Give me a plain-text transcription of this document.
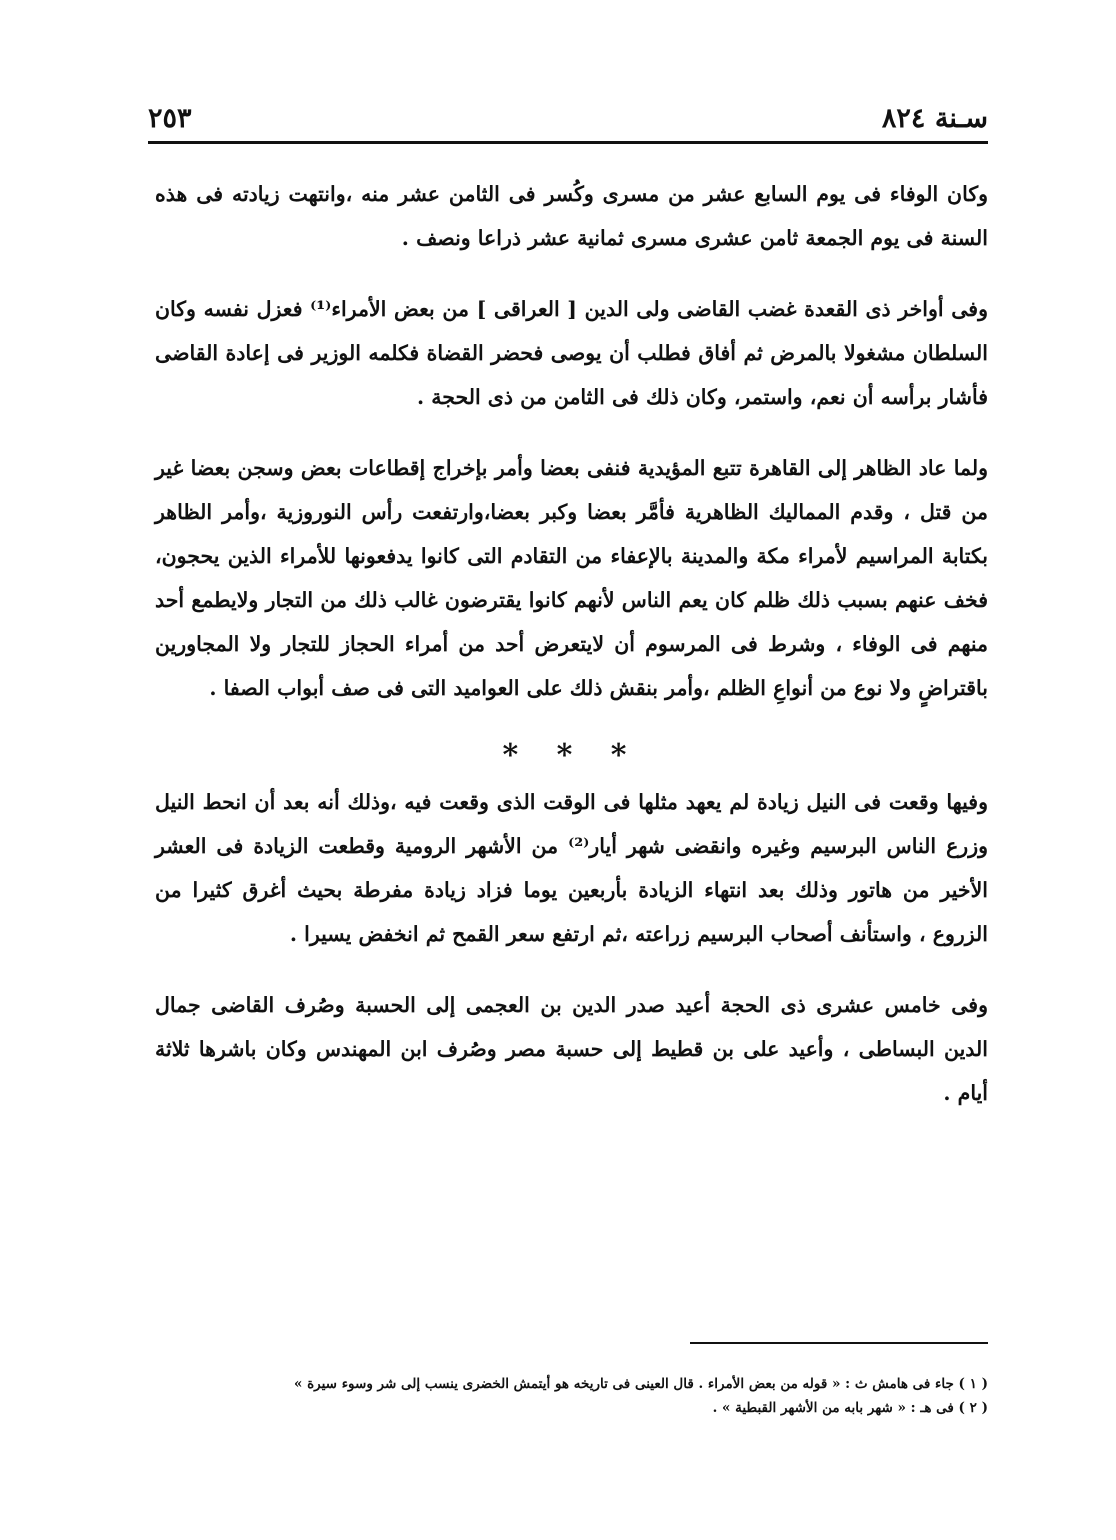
سـنة ٨٢٤
٢٥٣

وكان الوفاء فى يوم السابع عشر من مسرى وكُسر فى الثامن عشر منه ،وانتهت زيادته فى هذه السنة فى يوم الجمعة ثامن عشرى مسرى ثمانية عشر ذراعا ونصف .

وفى أواخر ذى القعدة غضب القاضى ولى الدين [ العراقى ] من بعض الأمراء⁽¹⁾ فعزل نفسه وكان السلطان مشغولا بالمرض ثم أفاق فطلب أن يوصى فحضر القضاة فكلمه الوزير فى إعادة القاضى فأشار برأسه أن نعم، واستمر، وكان ذلك فى الثامن من ذى الحجة .

ولما عاد الظاهر إلى القاهرة تتبع المؤيدية فنفى بعضا وأمر بإخراج إقطاعات بعض وسجن بعضا غير من قتل ، وقدم المماليك الظاهرية فأمَّر بعضا وكبر بعضا،وارتفعت رأس النوروزية ،وأمر الظاهر بكتابة المراسيم لأمراء مكة والمدينة بالإعفاء من التقادم التى كانوا يدفعونها للأمراء الذين يحجون، فخف عنهم بسبب ذلك ظلم كان يعم الناس لأنهم كانوا يقترضون غالب ذلك من التجار ولايطمع أحد منهم فى الوفاء ، وشرط فى المرسوم أن لايتعرض أحد من أمراء الحجاز للتجار ولا المجاورين باقتراضٍ ولا نوع من أنواعِ الظلم ،وأمر بنقش ذلك على العواميد التى فى صف أبواب الصفا .

* * *

وفيها وقعت فى النيل زيادة لم يعهد مثلها فى الوقت الذى وقعت فيه ،وذلك أنه بعد أن انحط النيل وزرع الناس البرسيم وغيره وانقضى شهر أيار⁽²⁾ من الأشهر الرومية وقطعت الزيادة فى العشر الأخير من هاتور وذلك بعد انتهاء الزيادة بأربعين يوما فزاد زيادة مفرطة بحيث أغرق كثيرا من الزروع ، واستأنف أصحاب البرسيم زراعته ،ثم ارتفع سعر القمح ثم انخفض يسيرا .

وفى خامس عشرى ذى الحجة أعيد صدر الدين بن العجمى إلى الحسبة وصُرف القاضى جمال الدين البساطى ، وأعيد على بن قطيط إلى حسبة مصر وصُرف ابن المهندس وكان باشرها ثلاثة أيام .

( ١ ) جاء فى هامش ث : « قوله من بعض الأمراء . قال العينى فى تاريخه هو أيتمش الخضرى ينسب إلى شر وسوء سيرة »

( ٢ ) فى هـ : « شهر بابه من الأشهر القبطية » .
